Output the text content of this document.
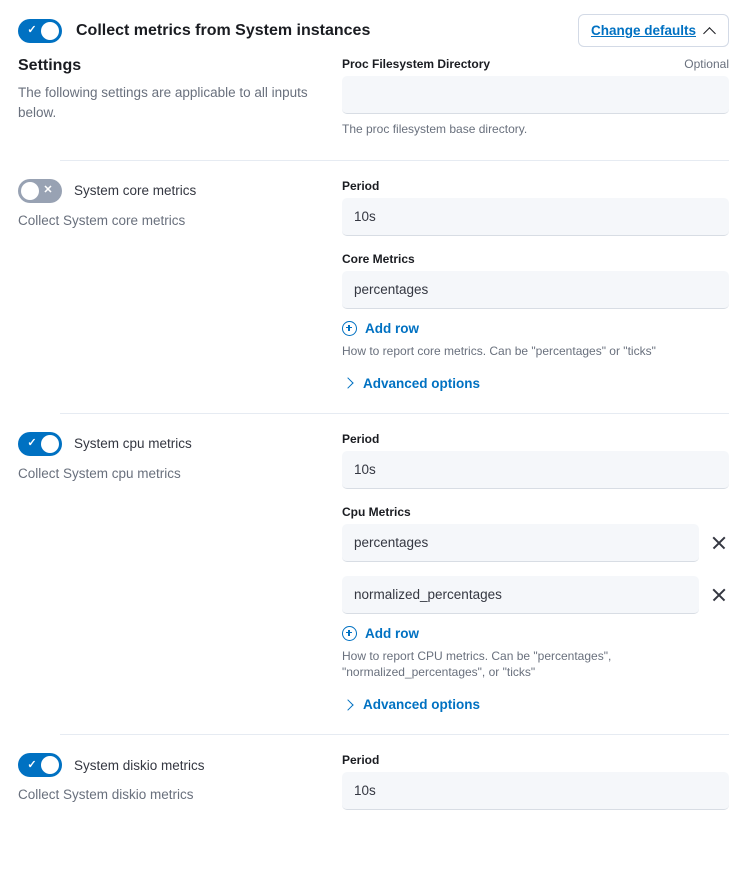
✓	Collect metrics from System instances	Change defaults
Settings
The following settings are applicable to all inputs below.
Proc Filesystem Directory	Optional
The proc filesystem base directory.
✕	System core metrics
Collect System core metrics
Period
10s
Core Metrics
percentages
Add row
How to report core metrics. Can be "percentages" or "ticks"
Advanced options
✓	System cpu metrics
Collect System cpu metrics
Period
10s
Cpu Metrics
percentages
normalized_percentages
Add row
How to report CPU metrics. Can be "percentages", "normalized_percentages", or "ticks"
Advanced options
✓	System diskio metrics
Collect System diskio metrics
Period
10s
